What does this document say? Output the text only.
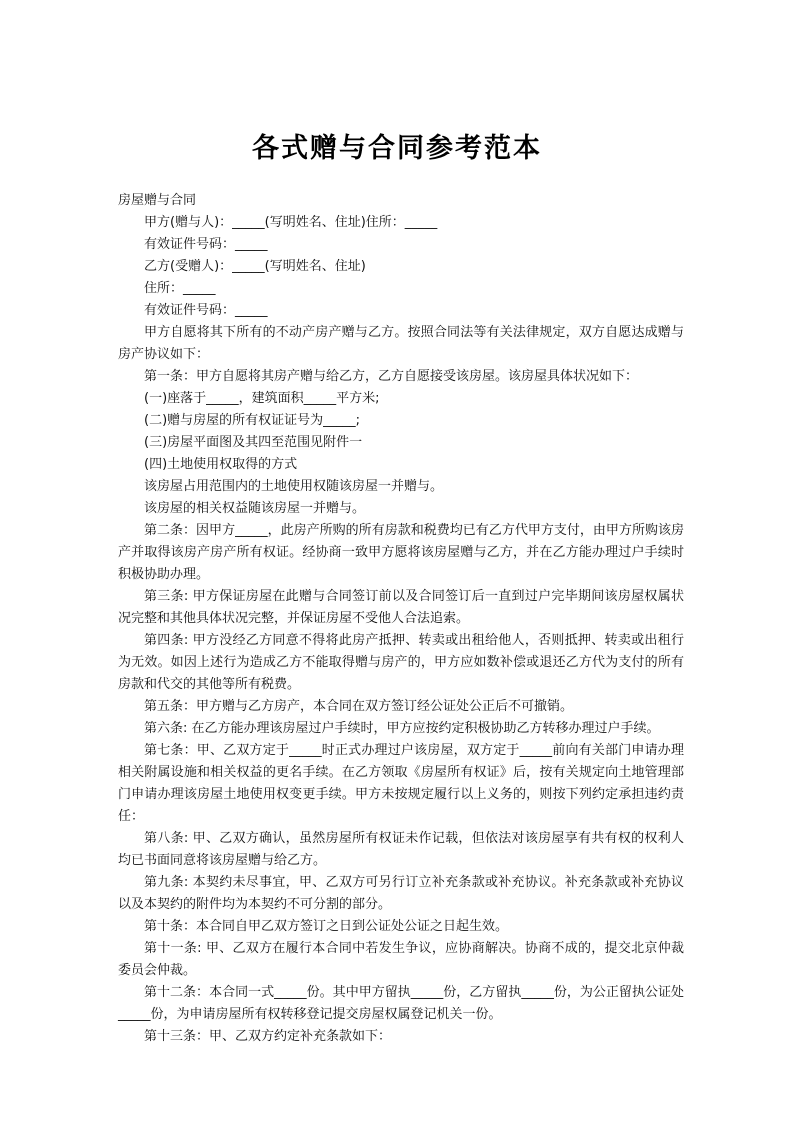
各式赠与合同参考范本

房屋赠与合同

甲方(赠与人)：_____(写明姓名、住址)住所：_____

有效证件号码：_____

乙方(受赠人)：_____(写明姓名、住址)

住所：_____

有效证件号码：_____

甲方自愿将其下所有的不动产房产赠与乙方。按照合同法等有关法律规定，双方自愿达成赠与房产协议如下：

第一条：甲方自愿将其房产赠与给乙方，乙方自愿接受该房屋。该房屋具体状况如下：

(一)座落于_____，建筑面积_____平方米;

(二)赠与房屋的所有权证证号为_____;

(三)房屋平面图及其四至范围见附件一

(四)土地使用权取得的方式

该房屋占用范围内的土地使用权随该房屋一并赠与。

该房屋的相关权益随该房屋一并赠与。

第二条：因甲方_____，此房产所购的所有房款和税费均已有乙方代甲方支付，由甲方所购该房产并取得该房产房产所有权证。经协商一致甲方愿将该房屋赠与乙方，并在乙方能办理过户手续时积极协助办理。

第三条: 甲方保证房屋在此赠与合同签订前以及合同签订后一直到过户完毕期间该房屋权属状况完整和其他具体状况完整，并保证房屋不受他人合法追索。

第四条: 甲方没经乙方同意不得将此房产抵押、转卖或出租给他人，否则抵押、转卖或出租行为无效。如因上述行为造成乙方不能取得赠与房产的，甲方应如数补偿或退还乙方代为支付的所有房款和代交的其他等所有税费。

第五条：甲方赠与乙方房产，本合同在双方签订经公证处公正后不可撤销。

第六条: 在乙方能办理该房屋过户手续时，甲方应按约定积极协助乙方转移办理过户手续。

第七条：甲、乙双方定于_____时正式办理过户该房屋，双方定于_____前向有关部门申请办理相关附属设施和相关权益的更名手续。在乙方领取《房屋所有权证》后，按有关规定向土地管理部门申请办理该房屋土地使用权变更手续。甲方未按规定履行以上义务的，则按下列约定承担违约责任：

第八条: 甲、乙双方确认，虽然房屋所有权证未作记载，但依法对该房屋享有共有权的权利人均已书面同意将该房屋赠与给乙方。

第九条: 本契约未尽事宜，甲、乙双方可另行订立补充条款或补充协议。补充条款或补充协议以及本契约的附件均为本契约不可分割的部分。

第十条：本合同自甲乙双方签订之日到公证处公证之日起生效。

第十一条: 甲、乙双方在履行本合同中若发生争议，应协商解决。协商不成的，提交北京仲裁委员会仲裁。

第十二条：本合同一式_____份。其中甲方留执_____份，乙方留执_____份，为公正留执公证处_____份，为申请房屋所有权转移登记提交房屋权属登记机关一份。

第十三条：甲、乙双方约定补充条款如下：
